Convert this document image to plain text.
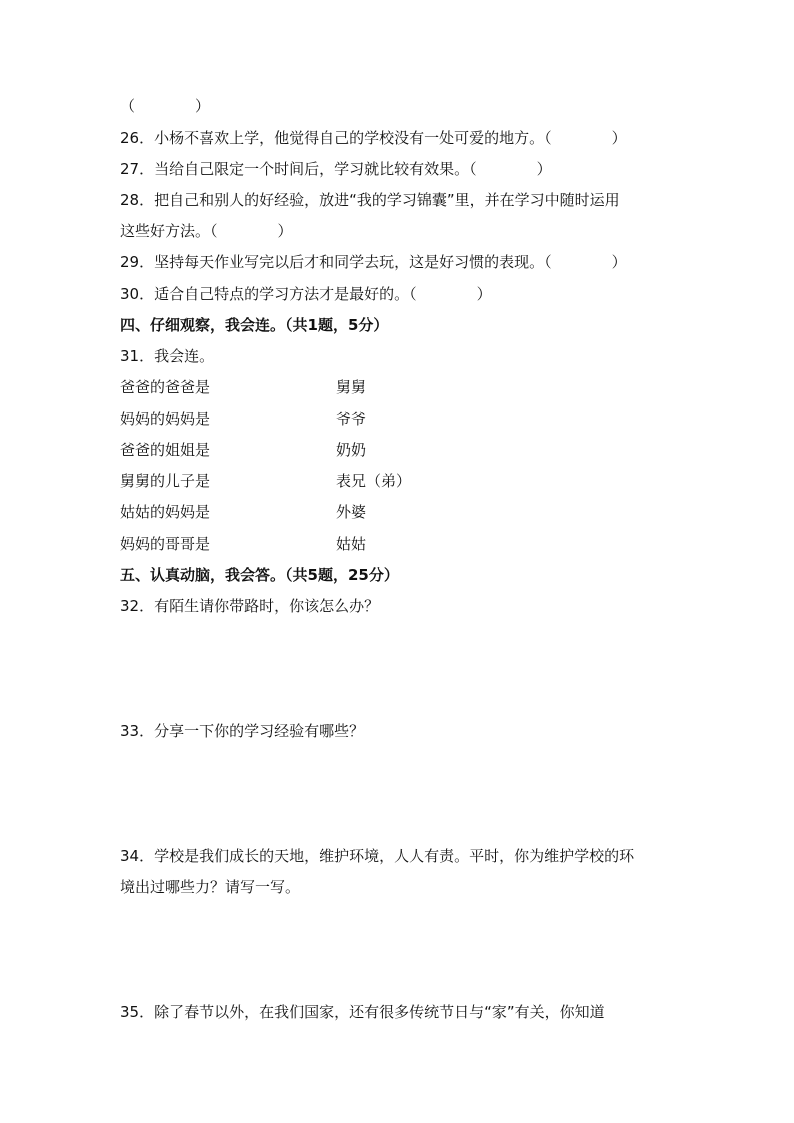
（　　　　）
26．小杨不喜欢上学，他觉得自己的学校没有一处可爱的地方。（　　　　）
27．当给自己限定一个时间后，学习就比较有效果。（　　　　）
28．把自己和别人的好经验，放进“我的学习锦囊”里，并在学习中随时运用
这些好方法。（　　　　）
29．坚持每天作业写完以后才和同学去玩，这是好习惯的表现。（　　　　）
30．适合自己特点的学习方法才是最好的。（　　　　）
四、仔细观察，我会连。（共1题，5分）
31．我会连。
爸爸的爸爸是	舅舅
妈妈的妈妈是	爷爷
爸爸的姐姐是	奶奶
舅舅的儿子是	表兄（弟）
姑姑的妈妈是	外婆
妈妈的哥哥是	姑姑
五、认真动脑，我会答。（共5题，25分）
32．有陌生请你带路时，你该怎么办？
33．分享一下你的学习经验有哪些？
34．学校是我们成长的天地，维护环境，人人有责。平时，你为维护学校的环
境出过哪些力？请写一写。
35．除了春节以外，在我们国家，还有很多传统节日与“家”有关，你知道
